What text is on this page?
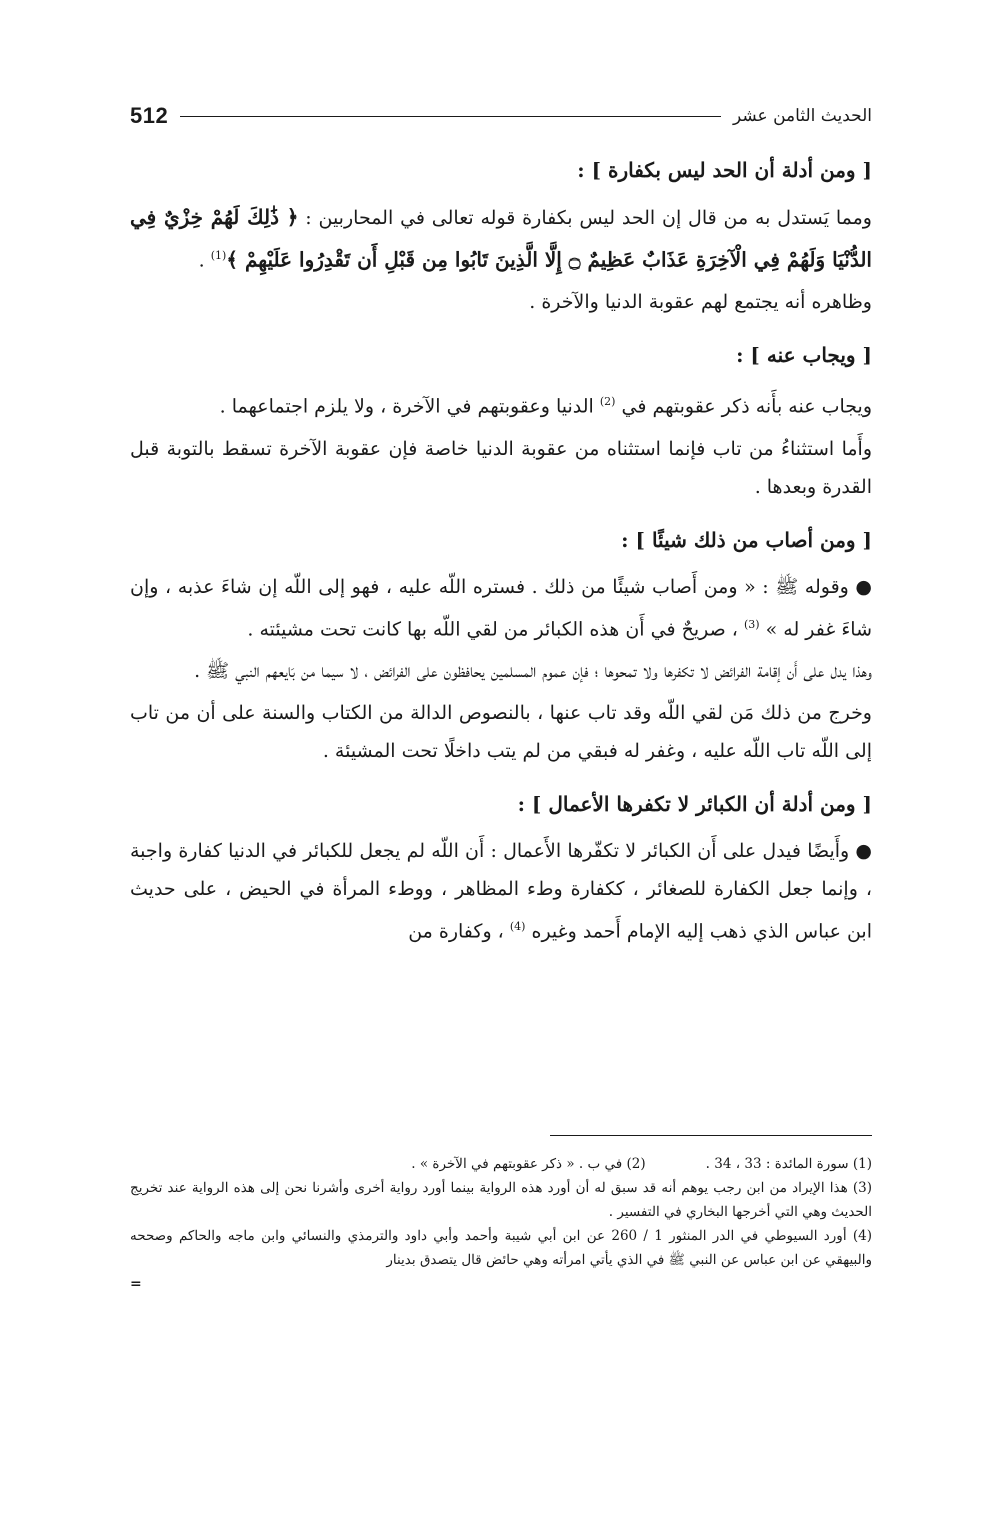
512	الحديث الثامن عشر
[ ومن أدلة أن الحد ليس بكفارة ] :
ومما يَستدل به من قال إن الحد ليس بكفارة قوله تعالى في المحاربين : ﴿ ذَٰلِكَ لَهُمْ خِزْيٌ فِي الدُّنْيَا وَلَهُمْ فِي الْآخِرَةِ عَذَابٌ عَظِيمٌ ۝ إِلَّا الَّذِينَ تَابُوا مِن قَبْلِ أَن تَقْدِرُوا عَلَيْهِمْ ﴾$^{(1)}$ .
وظاهره أنه يجتمع لهم عقوبة الدنيا والآخرة .
[ ويجاب عنه ] :
ويجاب عنه بأَنه ذكر عقوبتهم في $^{(2)}$ الدنيا وعقوبتهم في الآخرة ، ولا يلزم اجتماعهما .
وأَما استثناءُ من تاب فإنما استثناه من عقوبة الدنيا خاصة فإن عقوبة الآخرة تسقط بالتوبة قبل القدرة وبعدها .
[ ومن أصاب من ذلك شيئًا ] :
● وقوله ﷺ : « ومن أَصاب شيئًا من ذلك . فستره اللّه عليه ، فهو إلى اللّه إن شاءَ عذبه ، وإن شاءَ غفر له » $^{(3)}$ ، صريحٌ في أَن هذه الكبائر من لقي اللّه بها كانت تحت مشيئته .
وهذا يدل على أَن إقامة الفرائض لا تكفرها ولا تمحوها ؛ فإن عموم المسلمين يحافظون على الفرائض ، لا سيما من بَايعهم النبي ﷺ .
وخرج من ذلك مَن لقي اللّه وقد تاب عنها ، بالنصوص الدالة من الكتاب والسنة على أن من تاب إلى اللّه تاب اللّه عليه ، وغفر له فبقي من لم يتب داخلًا تحت المشيئة .
[ ومن أدلة أن الكبائر لا تكفرها الأعمال ] :
● وأَيضًا فيدل على أَن الكبائر لا تكفّرها الأَعمال : أَن اللّه لم يجعل للكبائر في الدنيا كفارة واجبة ، وإنما جعل الكفارة للصغائر ، ككفارة وطء المظاهر ، ووطء المرأة في الحيض ، على حديث ابن عباس الذي ذهب إليه الإمام أَحمد وغيره $^{(4)}$ ، وكفارة من
(1) سورة المائدة : 33 ، 34 .
(2) في ب . « ذكر عقوبتهم في الآخرة » .
(3) هذا الإيراد من ابن رجب يوهم أنه قد سبق له أن أورد هذه الرواية بينما أورد رواية أخرى وأشرنا نحن إلى هذه الرواية عند تخريج الحديث وهي التي أخرجها البخاري في التفسير .
(4) أورد السيوطي في الدر المنثور 1 / 260 عن ابن أبي شيبة وأحمد وأبي داود والترمذي والنسائي وابن ماجه والحاكم وصححه والبيهقي عن ابن عباس عن النبي ﷺ في الذي يأتي امرأته وهي حائض قال يتصدق بدينار
=
